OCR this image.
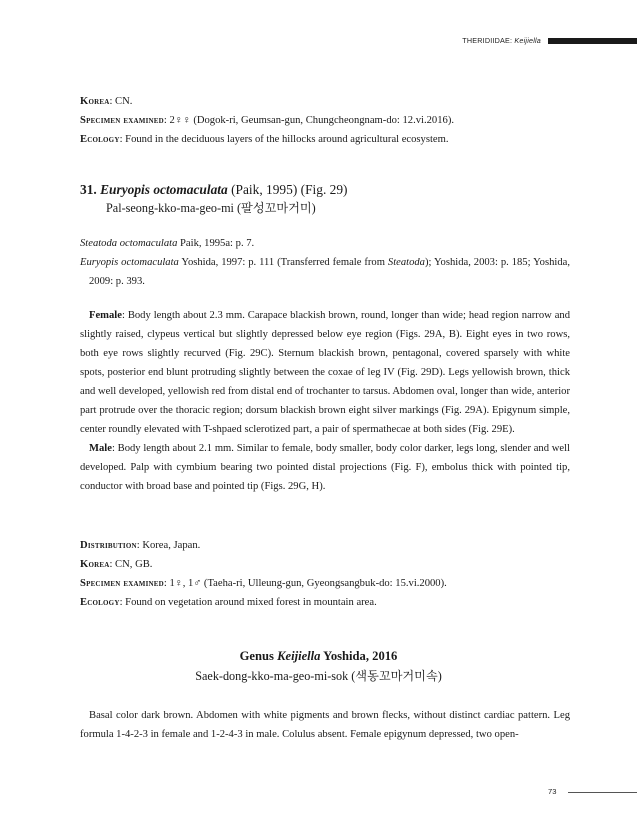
THERIDIIDAE: Keijiella
Korea: CN.
Specimen examined: 2♀♀ (Dogok-ri, Geumsan-gun, Chungcheongnam-do: 12.vi.2016).
Ecology: Found in the deciduous layers of the hillocks around agricultural ecosystem.
31. Euryopis octomaculata (Paik, 1995) (Fig. 29)
Pal-seong-kko-ma-geo-mi (팔성꼬마거미)
Steatoda octomaculata Paik, 1995a: p. 7.
Euryopis octomaculata Yoshida, 1997: p. 111 (Transferred female from Steatoda); Yoshida, 2003: p. 185; Yoshida, 2009: p. 393.
Female: Body length about 2.3 mm. Carapace blackish brown, round, longer than wide; head region narrow and slightly raised, clypeus vertical but slightly depressed below eye region (Figs. 29A, B). Eight eyes in two rows, both eye rows slightly recurved (Fig. 29C). Sternum blackish brown, pentagonal, covered sparsely with white spots, posterior end blunt protruding slightly between the coxae of leg IV (Fig. 29D). Legs yellowish brown, thick and well developed, yellowish red from distal end of trochanter to tarsus. Abdomen oval, longer than wide, anterior part protrude over the thoracic region; dorsum blackish brown eight silver markings (Fig. 29A). Epigynum simple, center roundly elevated with T-shpaed sclerotized part, a pair of spermathecae at both sides (Fig. 29E).
Male: Body length about 2.1 mm. Similar to female, body smaller, body color darker, legs long, slender and well developed. Palp with cymbium bearing two pointed distal projections (Fig. F), embolus thick with pointed tip, conductor with broad base and pointed tip (Figs. 29G, H).
Distribution: Korea, Japan.
Korea: CN, GB.
Specimen examined: 1♀, 1♂ (Taeha-ri, Ulleung-gun, Gyeongsangbuk-do: 15.vi.2000).
Ecology: Found on vegetation around mixed forest in mountain area.
Genus Keijiella Yoshida, 2016
Saek-dong-kko-ma-geo-mi-sok (색동꼬마거미속)
Basal color dark brown. Abdomen with white pigments and brown flecks, without distinct cardiac pattern. Leg formula 1-4-2-3 in female and 1-2-4-3 in male. Colulus absent. Female epigynum depressed, two open-
73
